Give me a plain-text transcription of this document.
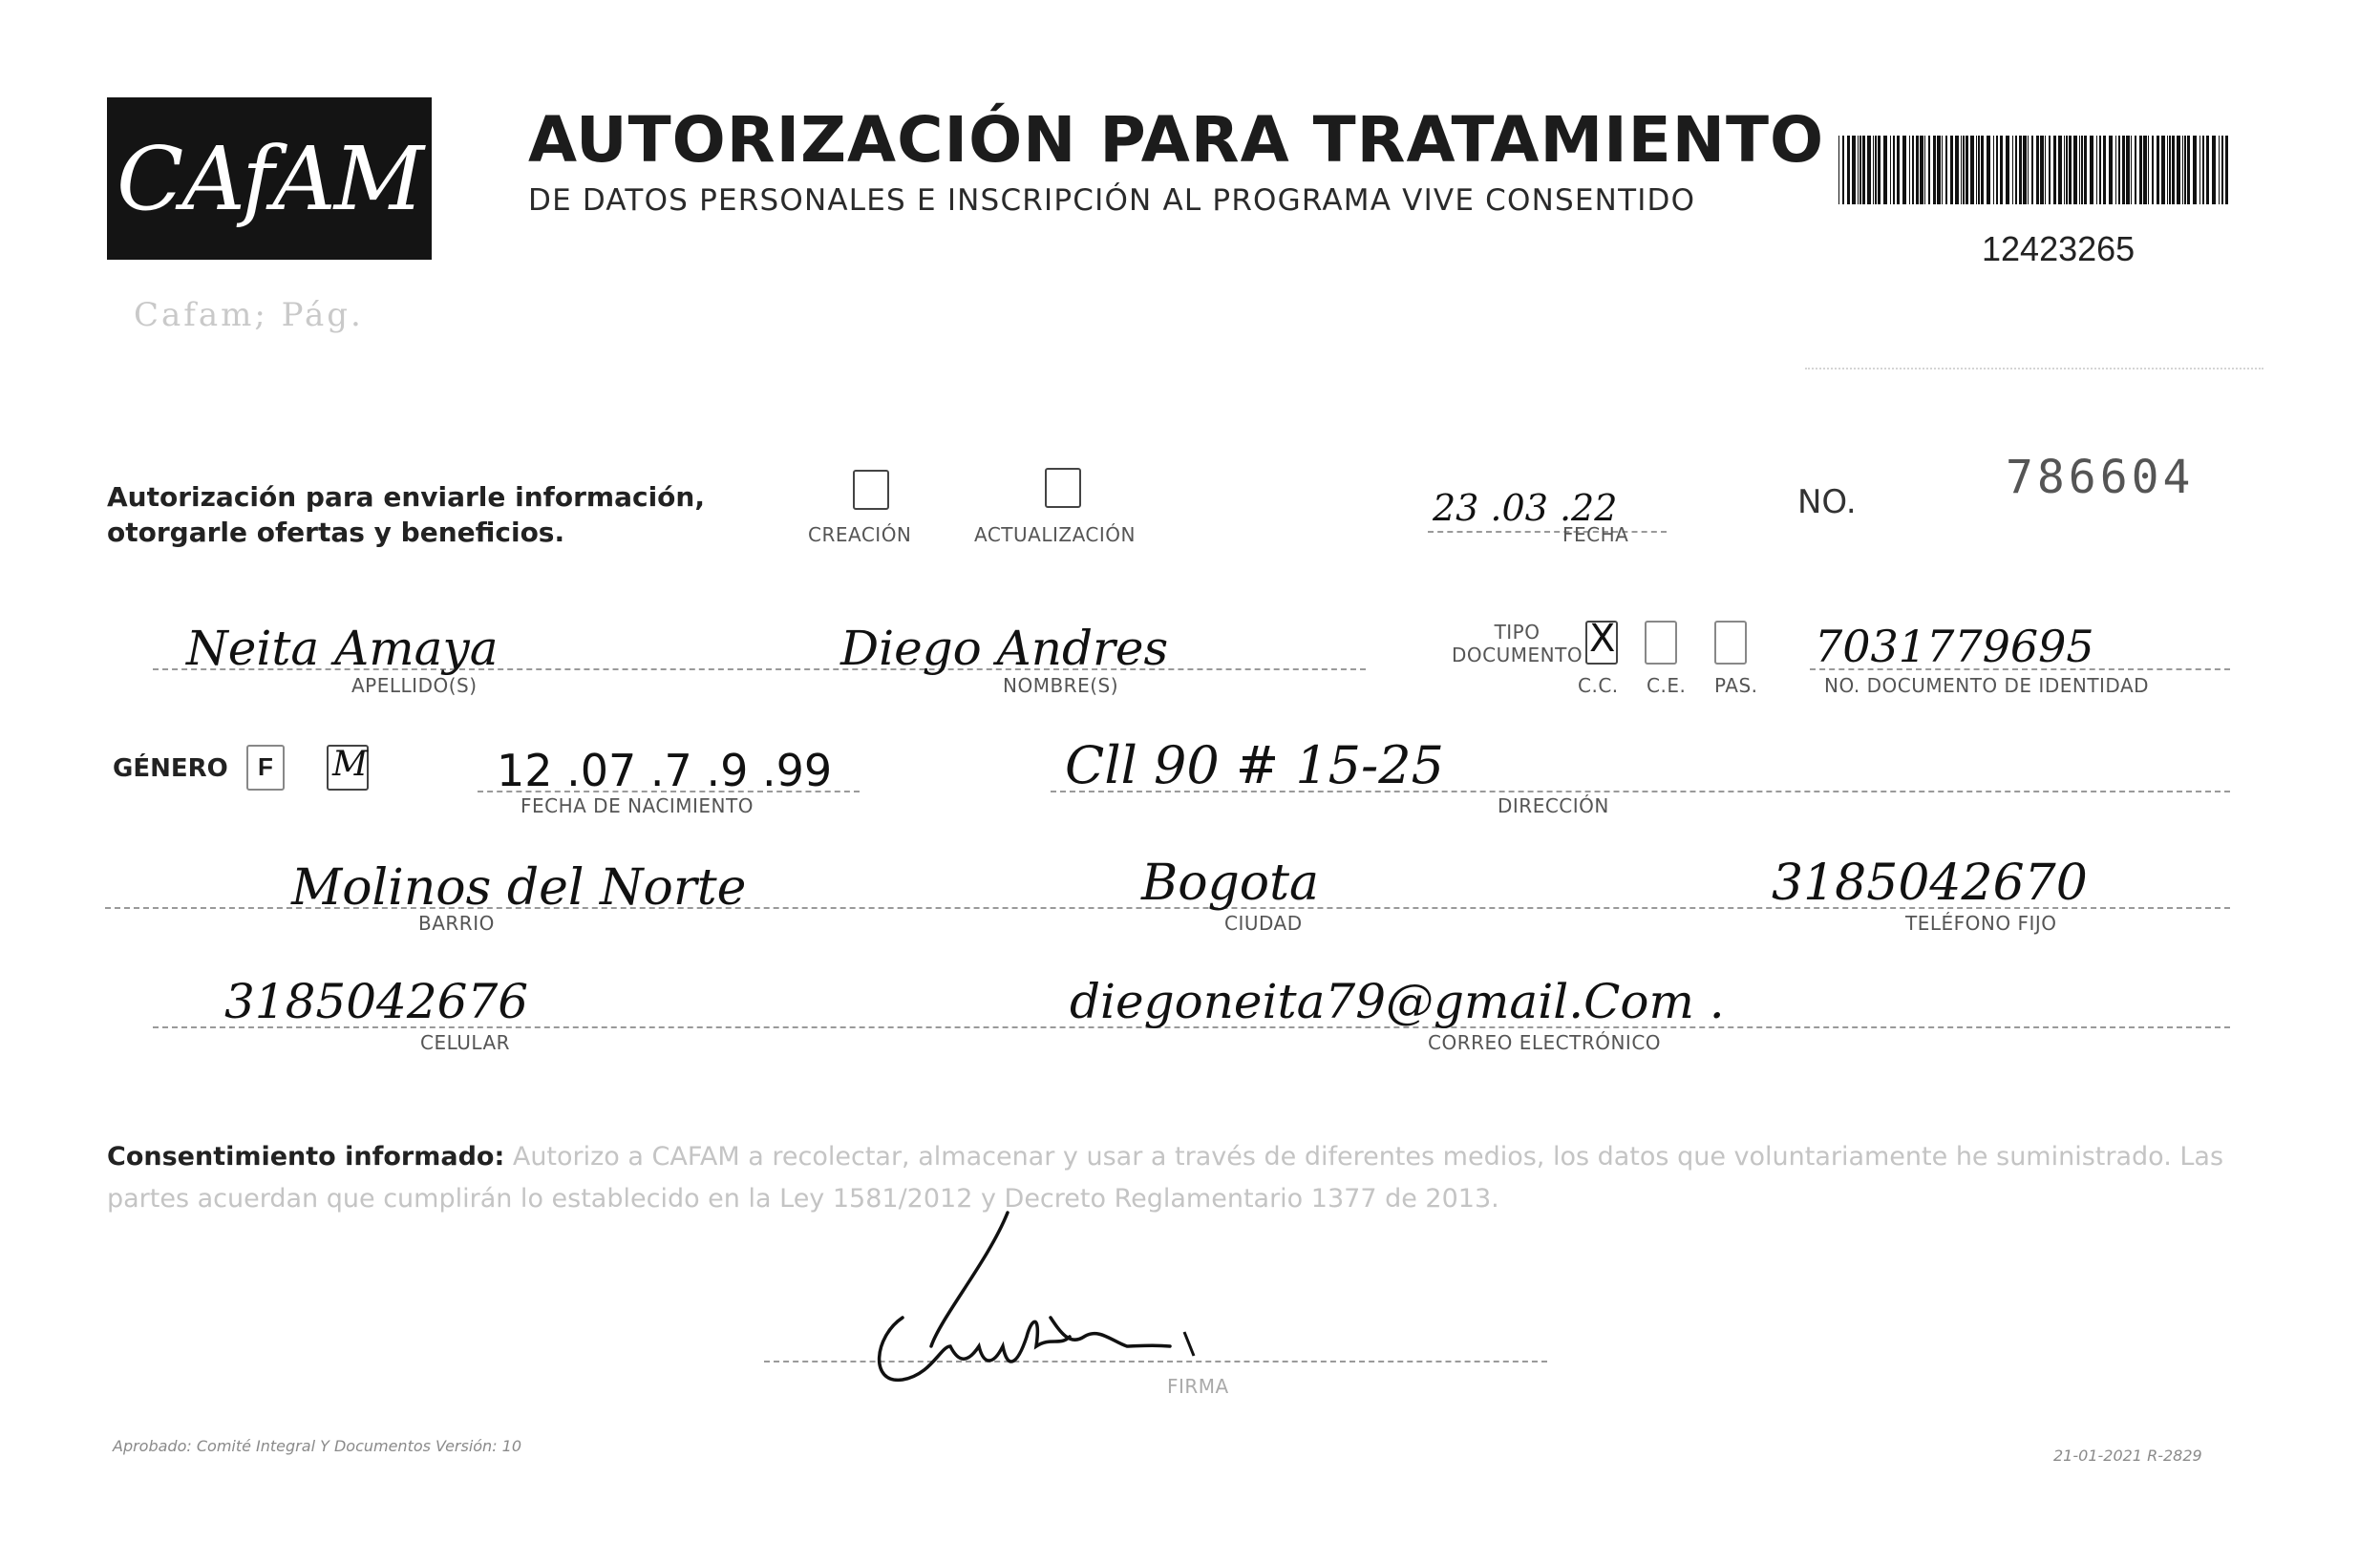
CAfAM AUTORIZACIÓN PARA TRATAMIENTO
DE DATOS PERSONALES E INSCRIPCIÓN AL PROGRAMA VIVE CONSENTIDO
12423265
Cafam; Pág.
Autorización para enviarle información,
otorgarle ofertas y beneficios.	CREACIÓN	ACTUALIZACIÓN
23 .03 .22
FECHA
NO.	786604
Neita Amaya
APELLIDO(S)
Diego Andres
NOMBRE(S)
TIPO
DOCUMENTO X
C.C. C.E. PAS.
7031779695
NO. DOCUMENTO DE IDENTIDAD
GÉNERO F M	12 .07 .7 .9 .99
FECHA DE NACIMIENTO
Cll 90 # 15-25
DIRECCIÓN
Molinos del Norte
BARRIO
Bogota
CIUDAD
3185042670
TELÉFONO FIJO
3185042676
CELULAR
diegoneita79@gmail.Com .
CORREO ELECTRÓNICO
Consentimiento informado: Autorizo a CAFAM a recolectar, almacenar y usar a través de diferentes medios, los datos que voluntariamente he suministrado. Las partes acuerdan que cumplirán lo establecido en la Ley 1581/2012 y Decreto Reglamentario 1377 de 2013.
FIRMA
Aprobado: Comité Integral Y Documentos Versión: 10
21-01-2021 R-2829
